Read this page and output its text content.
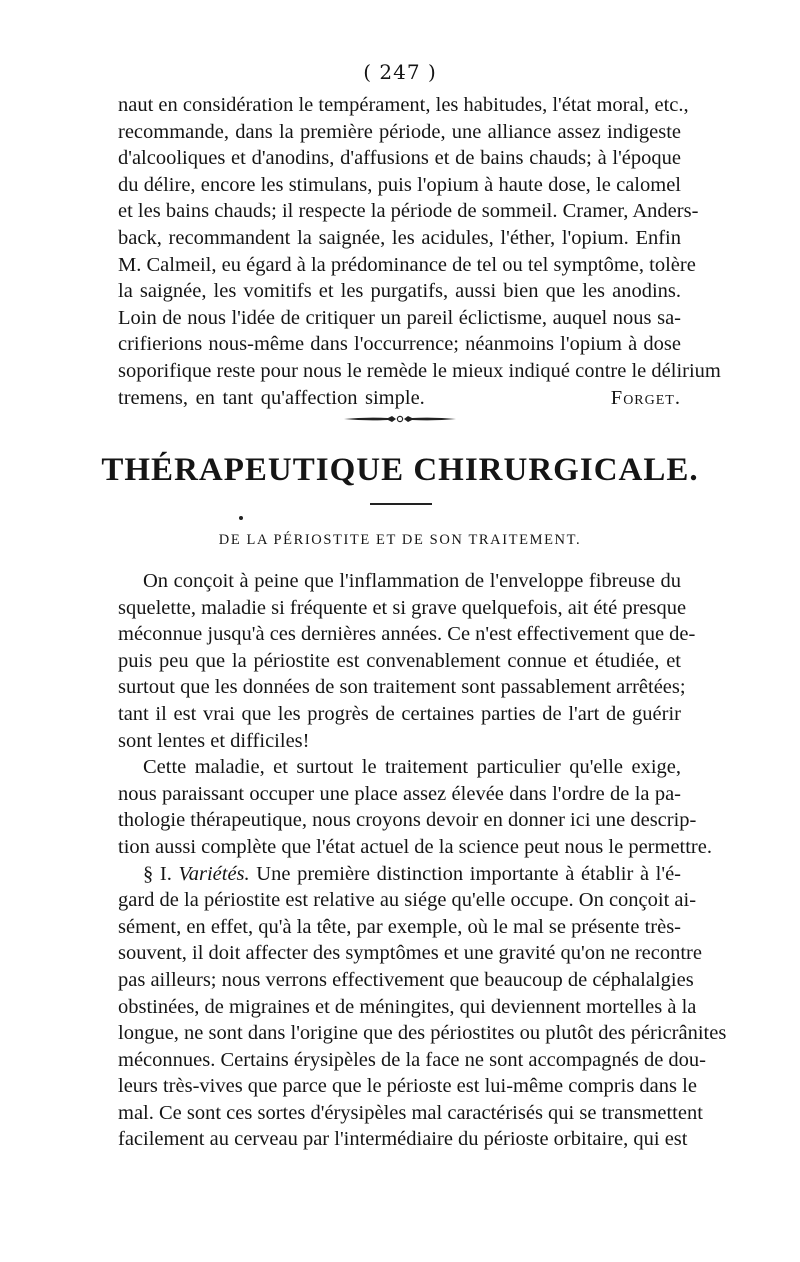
( 247 )
naut en considération le tempérament, les habitudes, l'état moral, etc.,
recommande, dans la première période, une alliance assez indigeste
d'alcooliques et d'anodins, d'affusions et de bains chauds; à l'époque
du délire, encore les stimulans, puis l'opium à haute dose, le calomel
et les bains chauds; il respecte la période de sommeil. Cramer, Anders-
back, recommandent la saignée, les acidules, l'éther, l'opium. Enfin
M. Calmeil, eu égard à la prédominance de tel ou tel symptôme, tolère
la saignée, les vomitifs et les purgatifs, aussi bien que les anodins.
Loin de nous l'idée de critiquer un pareil éclictisme, auquel nous sa-
crifierions nous-même dans l'occurrence; néanmoins l'opium à dose
soporifique reste pour nous le remède le mieux indiqué contre le délirium
tremens, en tant qu'affection simple.	Forget.
THÉRAPEUTIQUE CHIRURGICALE.
DE LA PÉRIOSTITE ET DE SON TRAITEMENT.
On conçoit à peine que l'inflammation de l'enveloppe fibreuse du
squelette, maladie si fréquente et si grave quelquefois, ait été presque
méconnue jusqu'à ces dernières années. Ce n'est effectivement que de-
puis peu que la périostite est convenablement connue et étudiée, et
surtout que les données de son traitement sont passablement arrêtées;
tant il est vrai que les progrès de certaines parties de l'art de guérir
sont lentes et difficiles!
Cette maladie, et surtout le traitement particulier qu'elle exige,
nous paraissant occuper une place assez élevée dans l'ordre de la pa-
thologie thérapeutique, nous croyons devoir en donner ici une descrip-
tion aussi complète que l'état actuel de la science peut nous le permettre.
§ I. Variétés. Une première distinction importante à établir à l'é-
gard de la périostite est relative au siége qu'elle occupe. On conçoit ai-
sément, en effet, qu'à la tête, par exemple, où le mal se présente très-
souvent, il doit affecter des symptômes et une gravité qu'on ne recontre
pas ailleurs; nous verrons effectivement que beaucoup de céphalalgies
obstinées, de migraines et de méningites, qui deviennent mortelles à la
longue, ne sont dans l'origine que des périostites ou plutôt des péricrânites
méconnues. Certains érysipèles de la face ne sont accompagnés de dou-
leurs très-vives que parce que le périoste est lui-même compris dans le
mal. Ce sont ces sortes d'érysipèles mal caractérisés qui se transmettent
facilement au cerveau par l'intermédiaire du périoste orbitaire, qui est
